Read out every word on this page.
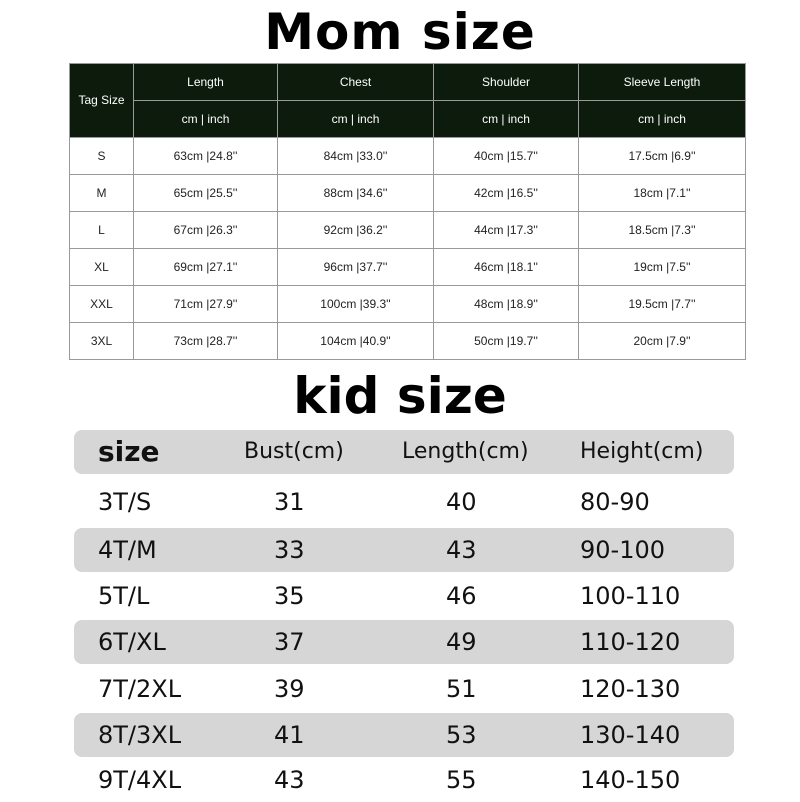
Mom size
Tag Size	Length	Chest	Shoulder	Sleeve Length
	cm | inch	cm | inch	cm | inch	cm | inch
S	63cm |24.8''	84cm |33.0''	40cm |15.7''	17.5cm |6.9''
M	65cm |25.5''	88cm |34.6''	42cm |16.5''	18cm |7.1''
L	67cm |26.3''	92cm |36.2''	44cm |17.3''	18.5cm |7.3''
XL	69cm |27.1''	96cm |37.7''	46cm |18.1''	19cm |7.5''
XXL	71cm |27.9''	100cm |39.3''	48cm |18.9''	19.5cm |7.7''
3XL	73cm |28.7''	104cm |40.9''	50cm |19.7''	20cm |7.9''
kid size
size	Bust(cm)	Length(cm) Height(cm)
3T/S	31	40	80-90
4T/M	33	43	90-100
5T/L	35	46	100-110
6T/XL	37	49	110-120
7T/2XL	39	51	120-130
8T/3XL	41	53	130-140
9T/4XL	43	55	140-150
